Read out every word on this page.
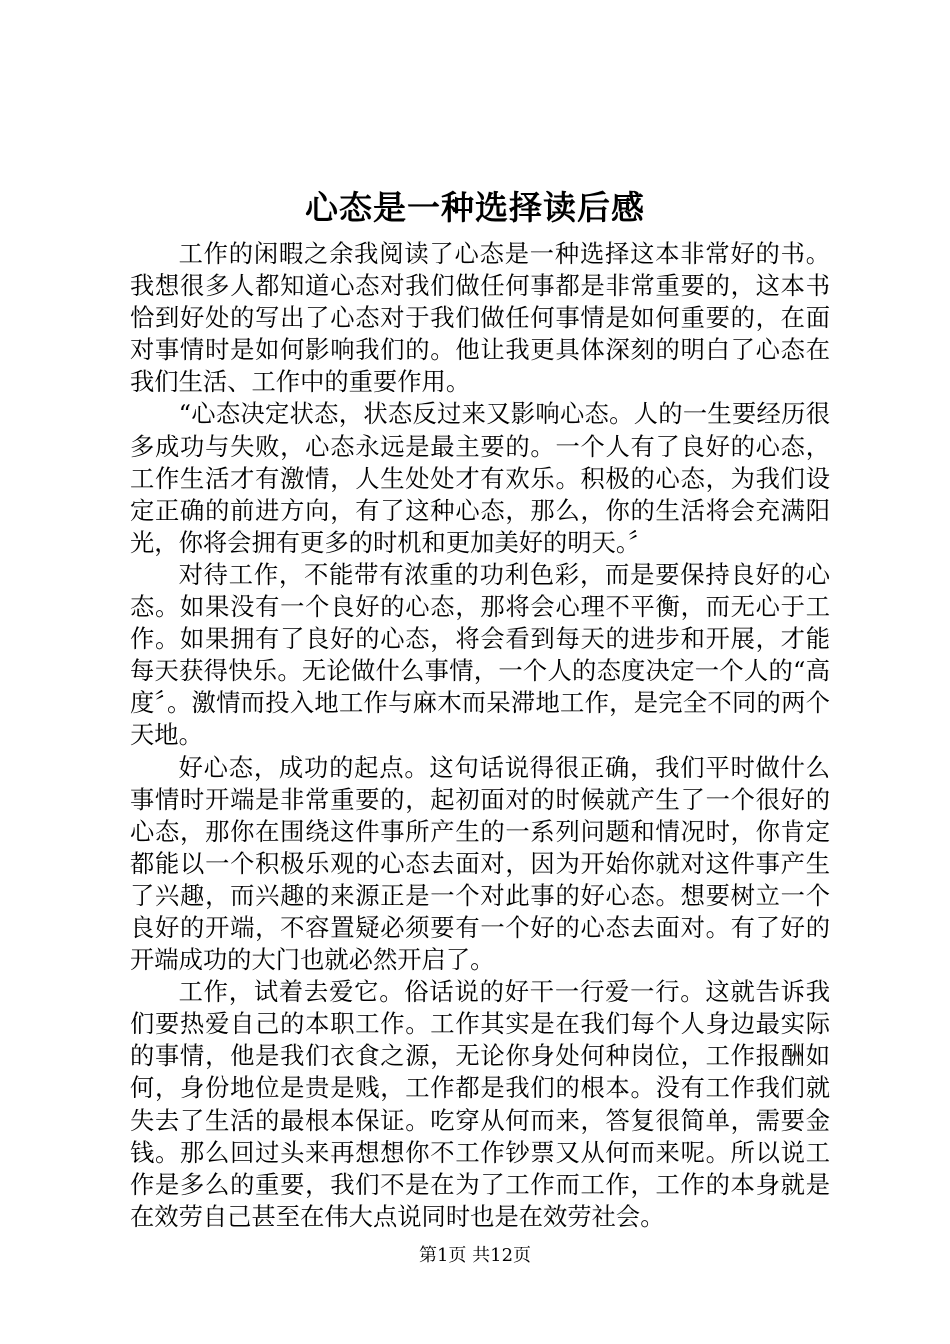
心态是一种选择读后感

工作的闲暇之余我阅读了心态是一种选择这本非常好的书。我想很多人都知道心态对我们做任何事都是非常重要的，这本书恰到好处的写出了心态对于我们做任何事情是如何重要的，在面对事情时是如何影响我们的。他让我更具体深刻的明白了心态在我们生活、工作中的重要作用。

“心态决定状态，状态反过来又影响心态。人的一生要经历很多成功与失败，心态永远是最主要的。一个人有了良好的心态，工作生活才有激情，人生处处才有欢乐。积极的心态，为我们设定正确的前进方向，有了这种心态，那么，你的生活将会充满阳光，你将会拥有更多的时机和更加美好的明天。〞

对待工作，不能带有浓重的功利色彩，而是要保持良好的心态。如果没有一个良好的心态，那将会心理不平衡，而无心于工作。如果拥有了良好的心态，将会看到每天的进步和开展，才能每天获得快乐。无论做什么事情，一个人的态度决定一个人的“高度〞。激情而投入地工作与麻木而呆滞地工作，是完全不同的两个天地。

好心态，成功的起点。这句话说得很正确，我们平时做什么事情时开端是非常重要的，起初面对的时候就产生了一个很好的心态，那你在围绕这件事所产生的一系列问题和情况时，你肯定都能以一个积极乐观的心态去面对，因为开始你就对这件事产生了兴趣，而兴趣的来源正是一个对此事的好心态。想要树立一个良好的开端，不容置疑必须要有一个好的心态去面对。有了好的开端成功的大门也就必然开启了。

工作，试着去爱它。俗话说的好干一行爱一行。这就告诉我们要热爱自己的本职工作。工作其实是在我们每个人身边最实际的事情，他是我们衣食之源，无论你身处何种岗位，工作报酬如何，身份地位是贵是贱，工作都是我们的根本。没有工作我们就失去了生活的最根本保证。吃穿从何而来，答复很简单，需要金钱。那么回过头来再想想你不工作钞票又从何而来呢。所以说工作是多么的重要，我们不是在为了工作而工作，工作的本身就是在效劳自己甚至在伟大点说同时也是在效劳社会。

第1页 共12页
